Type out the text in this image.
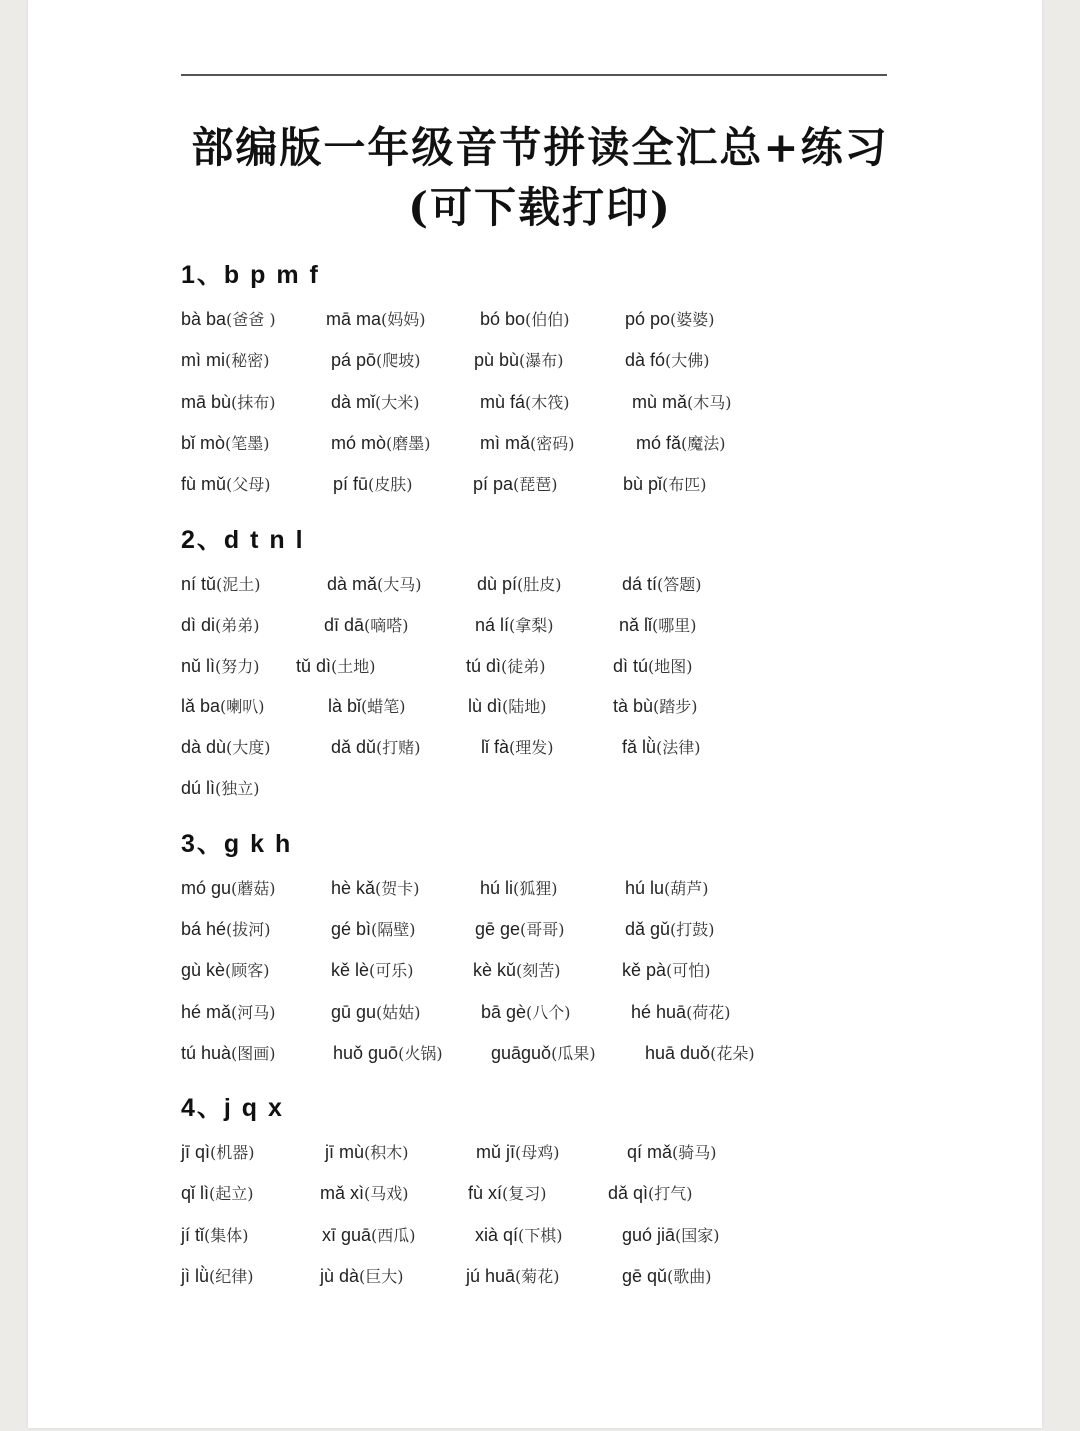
部编版一年级音节拼读全汇总+练习
(可下载打印)
1、b p m f
bà ba(爸爸 )	mā ma(妈妈)	bó bo(伯伯)	pó po(婆婆)
mì mi(秘密)	pá pō(爬坡)	pù bù(瀑布)	dà fó(大佛)
mā bù(抹布)	dà mǐ(大米)	mù fá(木筏)	mù mǎ(木马)
bǐ mò(笔墨)	mó mò(磨墨)	mì mǎ(密码)	mó fǎ(魔法)
fù mǔ(父母)	pí fū(皮肤)	pí pa(琵琶)	bù pǐ(布匹)
2、d t n l
ní tǔ(泥土)	dà mǎ(大马)	dù pí(肚皮)	dá tí(答题)
dì di(弟弟)	dī dā(嘀嗒)	ná lí(拿梨)	nǎ lǐ(哪里)
nǔ lì(努力) tǔ dì(土地)	tú dì(徒弟)	dì tú(地图)
lǎ ba(喇叭)	là bǐ(蜡笔)	lù dì(陆地)	tà bù(踏步)
dà dù(大度)	dǎ dǔ(打赌)	lǐ fà(理发)	fǎ lǜ(法律)
dú lì(独立)
3、g k h
mó gu(蘑菇)	hè kǎ(贺卡)	hú li(狐狸)	hú lu(葫芦)
bá hé(拔河)	gé bì(隔壁)	gē ge(哥哥)	dǎ gǔ(打鼓)
gù kè(顾客)	kě lè(可乐)	kè kǔ(刻苦)	kě pà(可怕)
hé mǎ(河马)	gū gu(姑姑)	bā gè(八个)	hé huā(荷花)
tú huà(图画)	huǒ guō(火锅)	guāguǒ(瓜果)	huā duǒ(花朵)
4、j q x
jī qì(机器)	jī mù(积木)	mǔ jī(母鸡)	qí mǎ(骑马)
qǐ lì(起立)	mǎ xì(马戏)	fù xí(复习)	dǎ qì(打气)
jí tǐ(集体)	xī guā(西瓜)	xià qí(下棋)	guó jiā(国家)
jì lǜ(纪律)	jù dà(巨大)	jú huā(菊花)	gē qǔ(歌曲)
